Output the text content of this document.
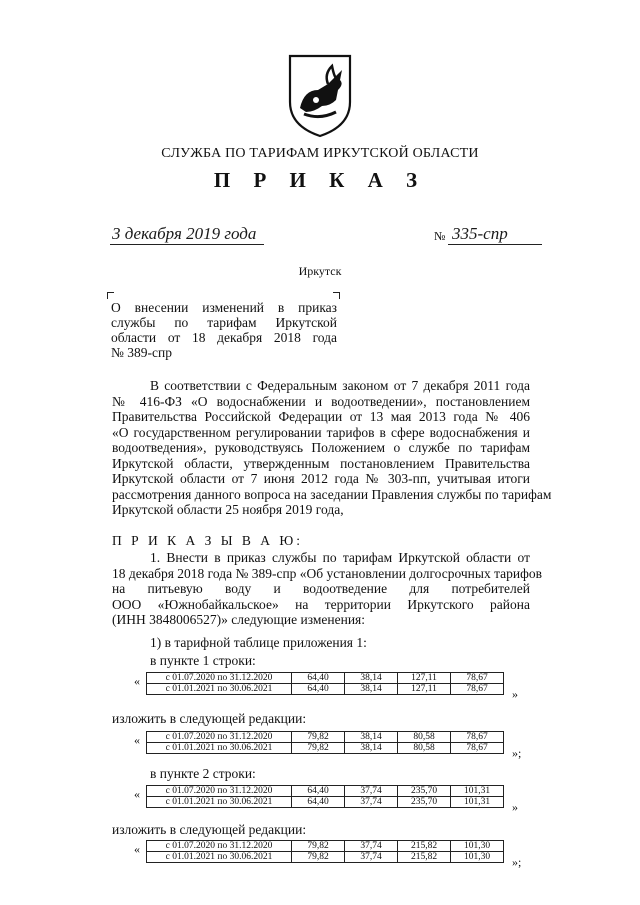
СЛУЖБА ПО ТАРИФАМ ИРКУТСКОЙ ОБЛАСТИ
П Р И К А З
3 декабря 2019 года	№ 335-спр
Иркутск
О внесении изменений в приказ
службы по тарифам Иркутской
области от 18 декабря 2018 года
№ 389-спр
В соответствии с Федеральным законом от 7 декабря 2011 года
№ 416-ФЗ «О водоснабжении и водоотведении», постановлением
Правительства Российской Федерации от 13 мая 2013 года № 406
«О государственном регулировании тарифов в сфере водоснабжения и
водоотведения», руководствуясь Положением о службе по тарифам
Иркутской области, утвержденным постановлением Правительства
Иркутской области от 7 июня 2012 года № 303-пп, учитывая итоги
рассмотрения данного вопроса на заседании Правления службы по тарифам
Иркутской области 25 ноября 2019 года,
П Р И К А З Ы В А Ю:
1. Внести в приказ службы по тарифам Иркутской области от
18 декабря 2018 года № 389-спр «Об установлении долгосрочных тарифов
на питьевую воду и водоотведение для потребителей
ООО «Южнобайкальское» на территории Иркутского района
(ИНН 3848006527)» следующие изменения:
1) в тарифной таблице приложения 1:
в пункте 1 строки:
«	с 01.07.2020 по 31.12.2020	64,40	38,14	127,11	78,67
с 01.01.2021 по 30.06.2021	64,40	38,14	127,11	78,67 »
изложить в следующей редакции:
«	с 01.07.2020 по 31.12.2020	79,82	38,14	80,58	78,67
с 01.01.2021 по 30.06.2021	79,82	38,14	80,58	78,67 »;
в пункте 2 строки:
«	с 01.07.2020 по 31.12.2020	64,40	37,74	235,70	101,31
с 01.01.2021 по 30.06.2021	64,40	37,74	235,70	101,31 »
изложить в следующей редакции:
«	с 01.07.2020 по 31.12.2020	79,82	37,74	215,82	101,30
с 01.01.2021 по 30.06.2021	79,82	37,74	215,82	101,30 »;
